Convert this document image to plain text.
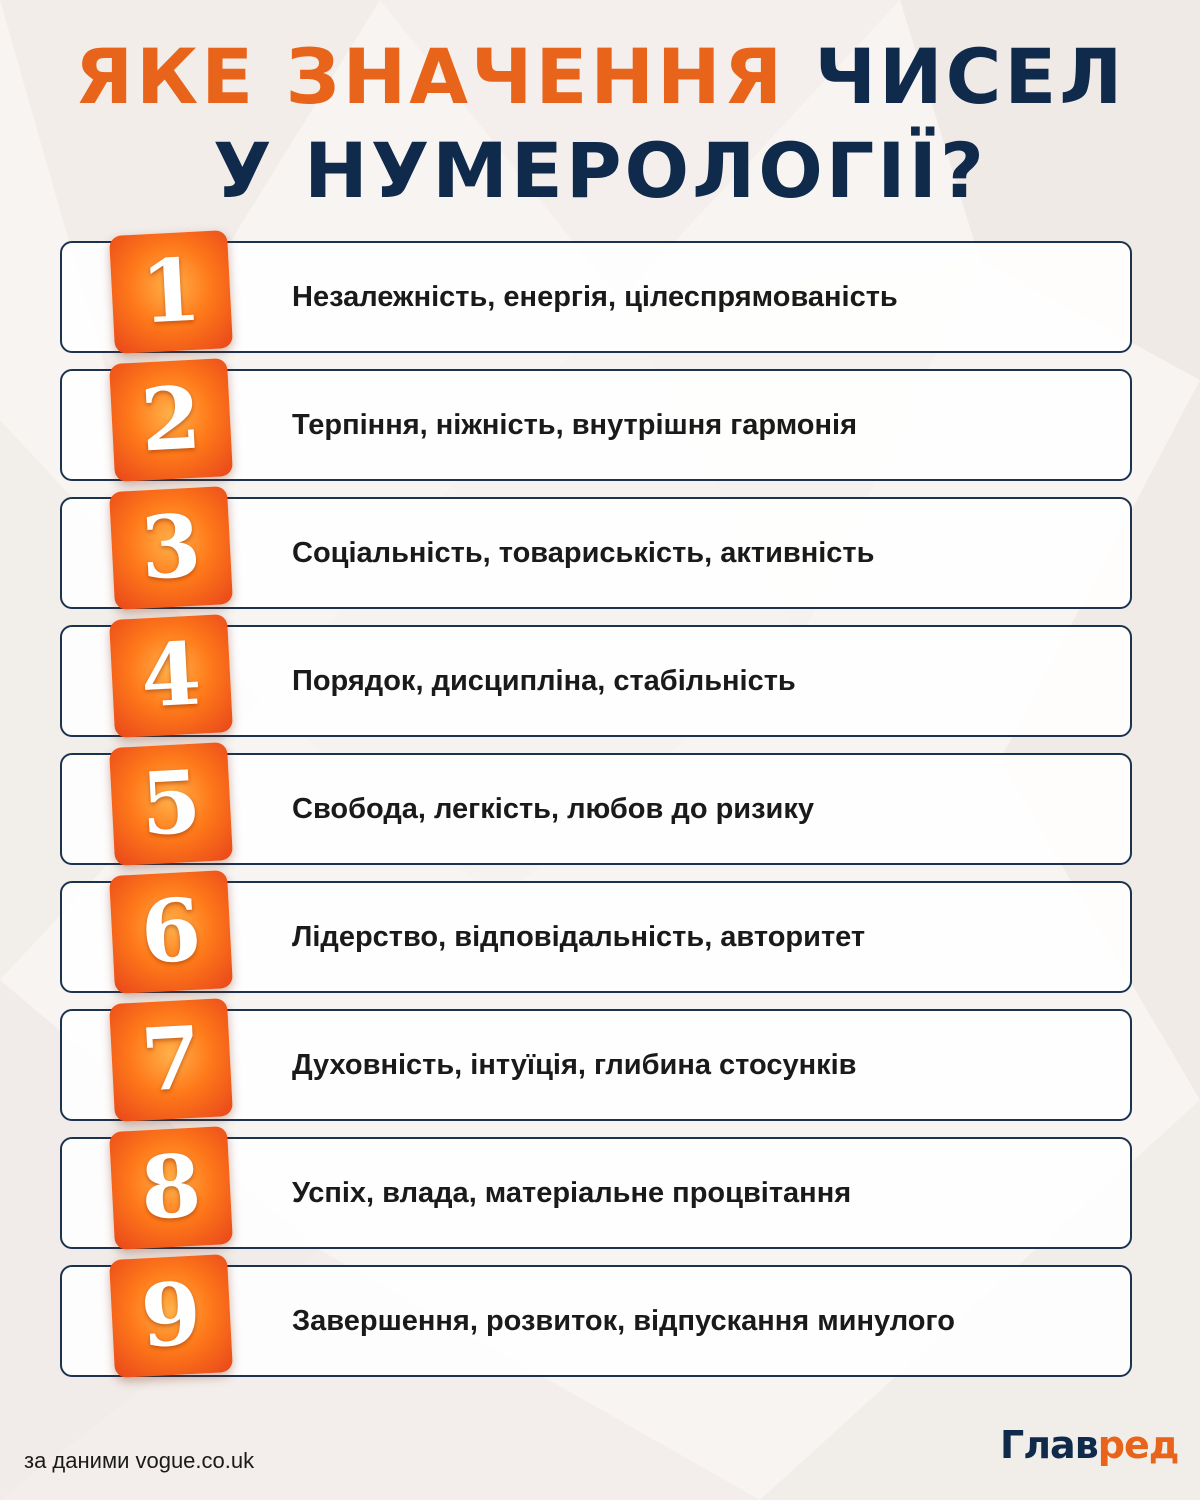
ЯКЕ ЗНАЧЕННЯ ЧИСЕЛ
У НУМЕРОЛОГІЇ?
1	Незалежність, енергія, цілеспрямованість
2	Терпіння, ніжність, внутрішня гармонія
3	Соціальність, товариськість, активність
4	Порядок, дисципліна, стабільність
5	Свобода, легкість, любов до ризику
6	Лідерство, відповідальність, авторитет
7	Духовність, інтуїція, глибина стосунків
8	Успіх, влада, матеріальне процвітання
9	Завершення, розвиток, відпускання минулого
за даними vogue.co.uk	Главред
